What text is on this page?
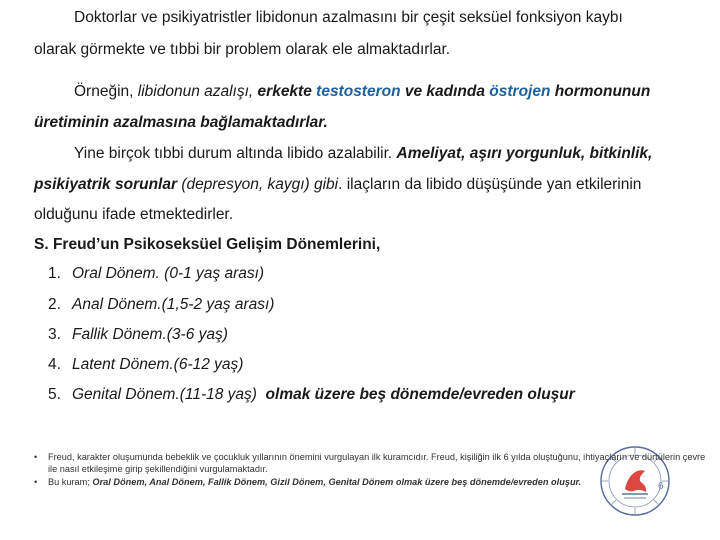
Doktorlar ve psikiyatristler libidonun azalmasını bir çeşit seksüel fonksiyon kaybı
olarak görmekte ve tıbbi bir problem olarak ele almaktadırlar.
Örneğin, libidonun azalışı, erkekte testosteron ve kadında östrojen hormonunun
üretiminin azalmasına bağlamaktadırlar.
Yine birçok tıbbi durum altında libido azalabilir. Ameliyat, aşırı yorgunluk, bitkinlik,
psikiyatrik sorunlar (depresyon, kaygı) gibi. ilaçların da libido düşüşünde yan etkilerinin
olduğunu ifade etmektedirler.
S. Freud’un Psikoseksüel Gelişim Dönemlerini,
1. Oral Dönem. (0-1 yaş arası)
2. Anal Dönem.(1,5-2 yaş arası)
3. Fallik Dönem.(3-6 yaş)
4. Latent Dönem.(6-12 yaş)
5. Genital Dönem.(11-18 yaş)  olmak üzere beş dönemde/evreden oluşur
• Freud, karakter oluşumunda bebeklik ve çocukluk yıllarının önemini vurgulayan ilk kuramcıdır. Freud, kişiliğin ilk 6 yılda oluştuğunu, ihtiyaçların ve dürtülerin çevre ile nasıl etkileşime girip şekillendiğini vurgulamaktadır.
• Bu kuram; Oral Dönem, Anal Dönem, Fallik Dönem, Gizil Dönem, Genital Dönem olmak üzere beş dönemde/evreden oluşur.	6
